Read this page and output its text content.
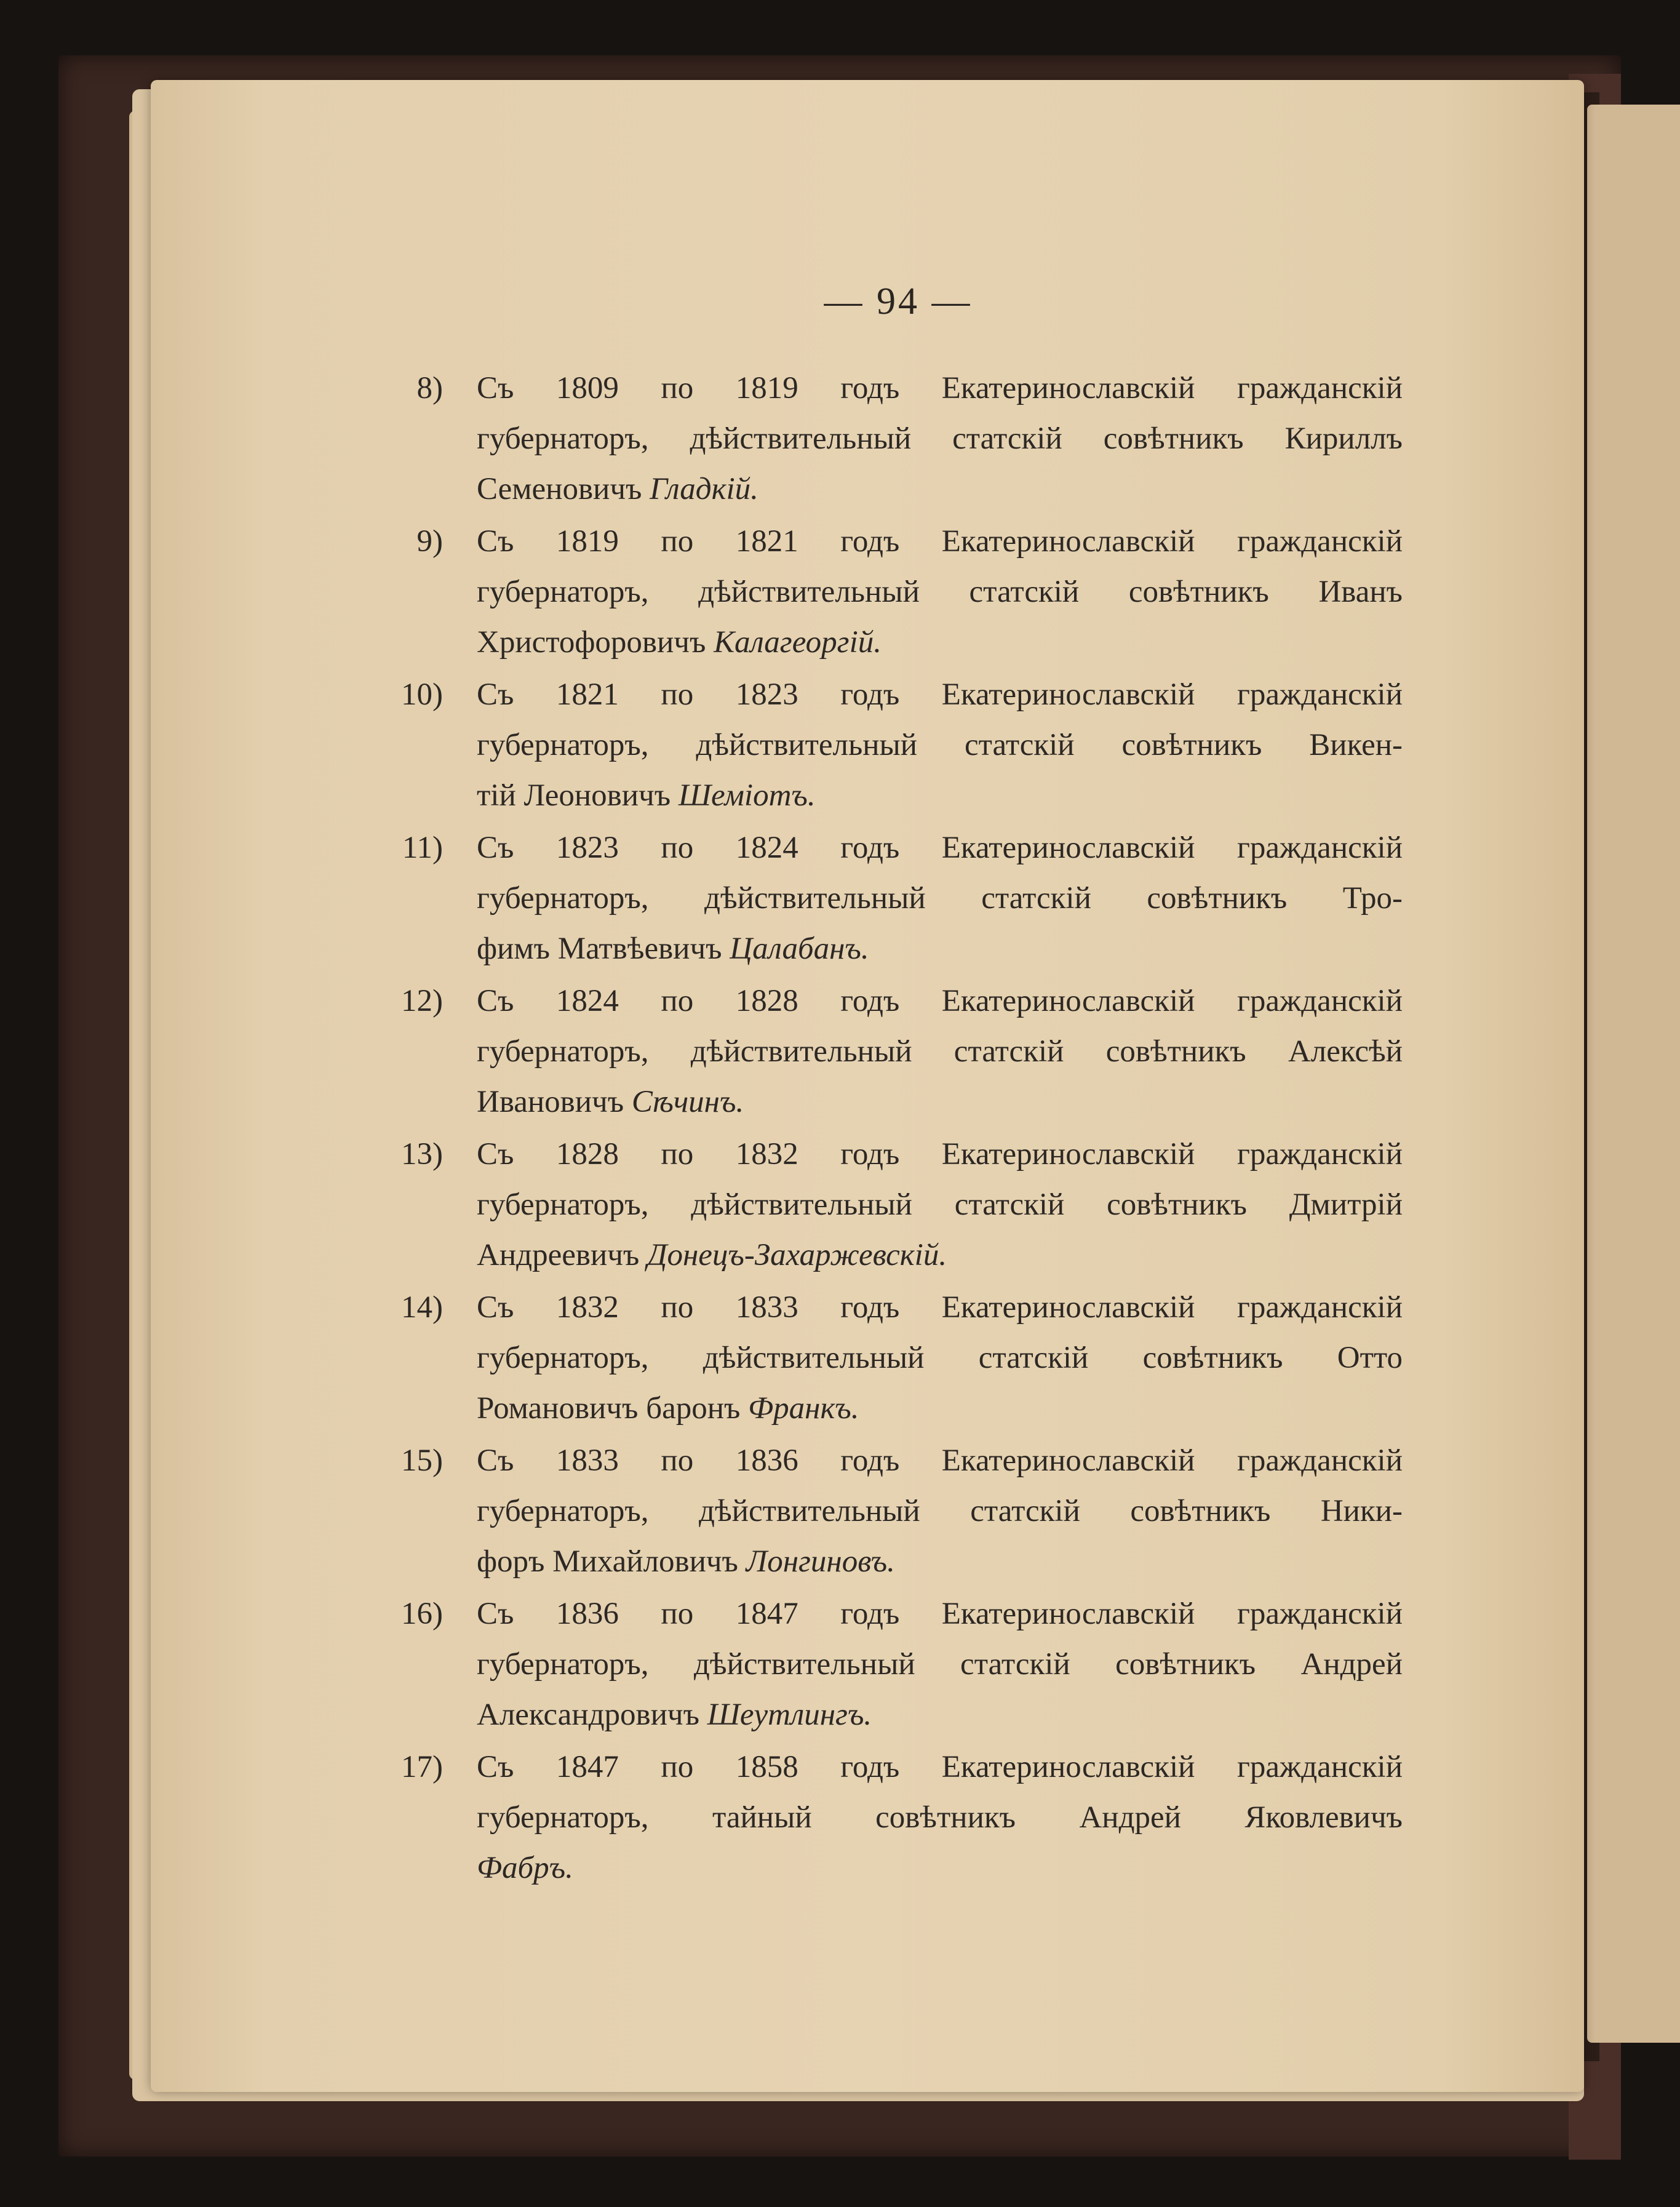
— 94 —
8) Съ 1809 по 1819 годъ Екатеринославскій гражданскій
губернаторъ, дѣйствительный статскій совѣтникъ Кириллъ
Семеновичъ Гладкій.
9) Съ 1819 по 1821 годъ Екатеринославскій гражданскій
губернаторъ, дѣйствительный статскій совѣтникъ Иванъ
Христофоровичъ Калагеоргій.
10) Съ 1821 по 1823 годъ Екатеринославскій гражданскій
губернаторъ, дѣйствительный статскій совѣтникъ Викен-
тій Леоновичъ Шеміотъ.
11) Съ 1823 по 1824 годъ Екатеринославскій гражданскій
губернаторъ, дѣйствительный статскій совѣтникъ Тро-
фимъ Матвѣевичъ Цалабанъ.
12) Съ 1824 по 1828 годъ Екатеринославскій гражданскій
губернаторъ, дѣйствительный статскій совѣтникъ Алексѣй
Ивановичъ Сѣчинъ.
13) Съ 1828 по 1832 годъ Екатеринославскій гражданскій
губернаторъ, дѣйствительный статскій совѣтникъ Дмитрій
Андреевичъ Донецъ-Захаржевскій.
14) Съ 1832 по 1833 годъ Екатеринославскій гражданскій
губернаторъ, дѣйствительный статскій совѣтникъ Отто
Романовичъ баронъ Франкъ.
15) Съ 1833 по 1836 годъ Екатеринославскій гражданскій
губернаторъ, дѣйствительный статскій совѣтникъ Ники-
форъ Михайловичъ Лонгиновъ.
16) Съ 1836 по 1847 годъ Екатеринославскій гражданскій
губернаторъ, дѣйствительный статскій совѣтникъ Андрей
Александровичъ Шеутлингъ.
17) Съ 1847 по 1858 годъ Екатеринославскій гражданскій
губернаторъ, тайный совѣтникъ Андрей Яковлевичъ
Фабръ.
